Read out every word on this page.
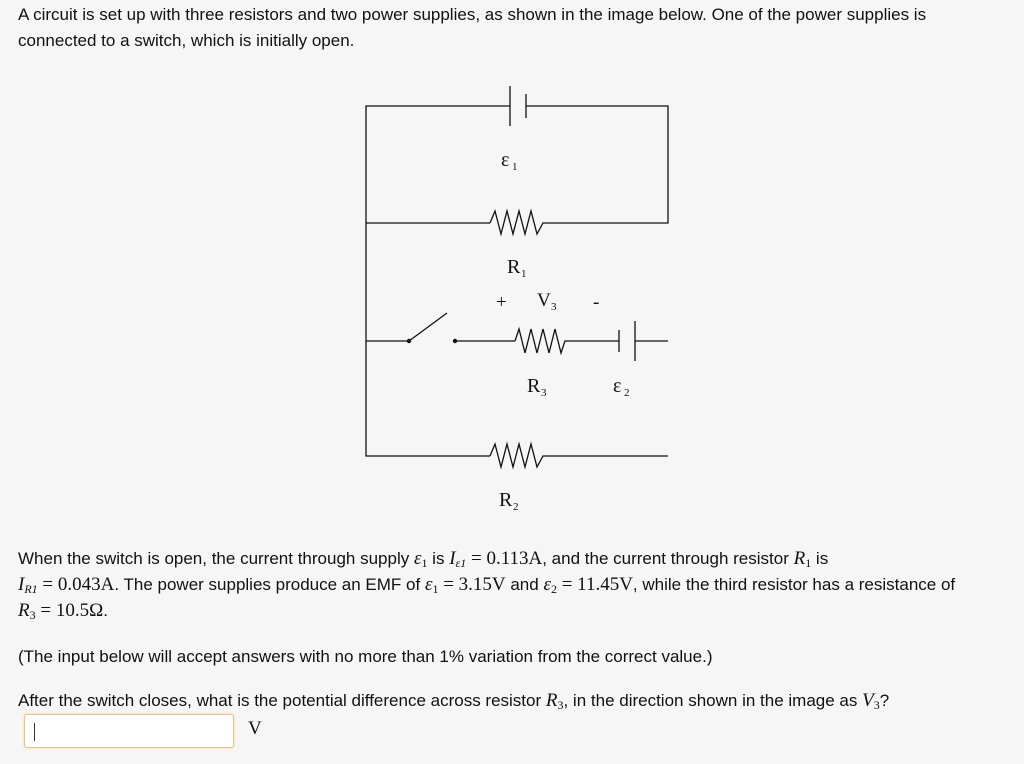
A circuit is set up with three resistors and two power supplies, as shown in the image below. One of the power supplies is connected to a switch, which is initially open.

ε 1
R 1
+ V 3 -
R 3	ε 2
R 2

When the switch is open, the current through supply $\varepsilon_1$ is $I_{\varepsilon 1} = 0.113A$, and the current through resistor $R_1$ is
$I_{R1} = 0.043A$. The power supplies produce an EMF of $\varepsilon_1 = 3.15V$ and $\varepsilon_2 = 11.45V$, while the third resistor has a resistance of $R_3 = 10.5\Omega$.

(The input below will accept answers with no more than 1% variation from the correct value.)

After the switch closes, what is the potential difference across resistor $R_3$, in the direction shown in the image as $V_3$?

V
